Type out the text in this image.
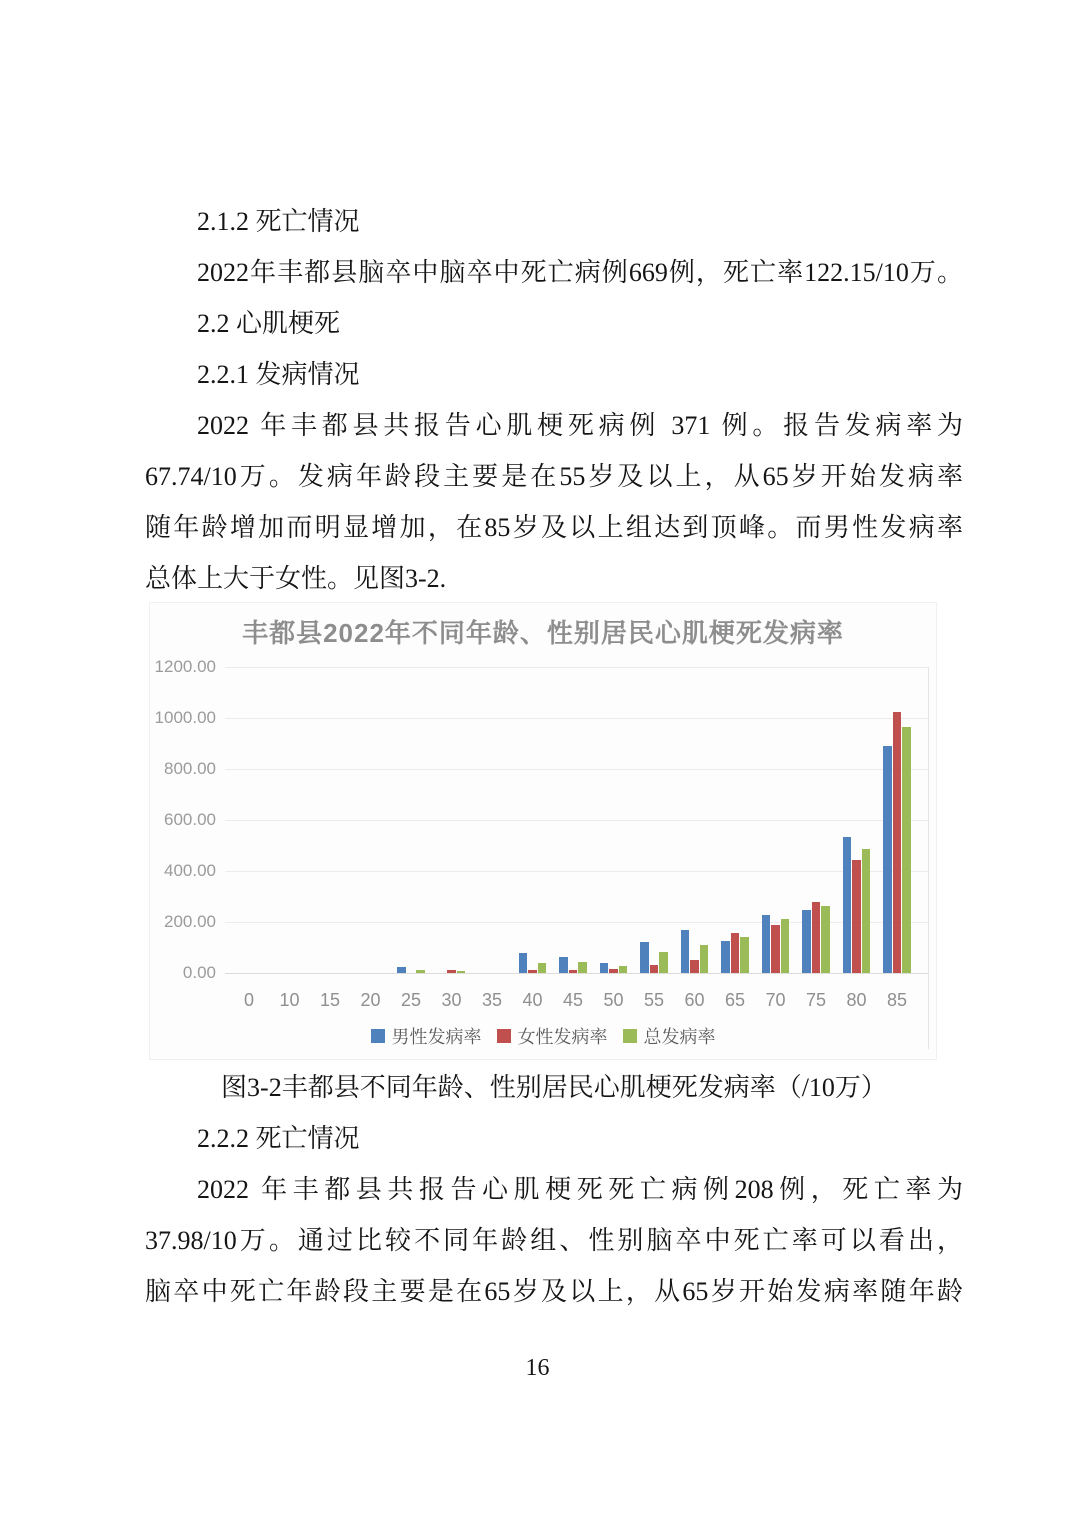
2.1.2 死亡情况
2022年丰都县脑卒中脑卒中死亡病例669例，死亡率122.15/10万。
2.2 心肌梗死
2.2.1 发病情况
2022 年丰都县共报告心肌梗死病例 371 例。报告发病率为
67.74/10万。发病年龄段主要是在55岁及以上，从65岁开始发病率
随年龄增加而明显增加，在85岁及以上组达到顶峰。而男性发病率
总体上大于女性。见图3-2.
丰都县2022年不同年龄、性别居民心肌梗死发病率
男性发病率 女性发病率 总发病率
0.00
200.00
400.00
600.00
800.00
1000.00
1200.00
0	10	15	20	25	30	35	40	45	50	55	60	65	70	75	80	85
图3-2丰都县不同年龄、性别居民心肌梗死发病率（/10万）
2.2.2 死亡情况
2022 年丰都县共报告心肌梗死死亡病例208例，死亡率为
37.98/10万。通过比较不同年龄组、性别脑卒中死亡率可以看出，
脑卒中死亡年龄段主要是在65岁及以上，从65岁开始发病率随年龄
16
